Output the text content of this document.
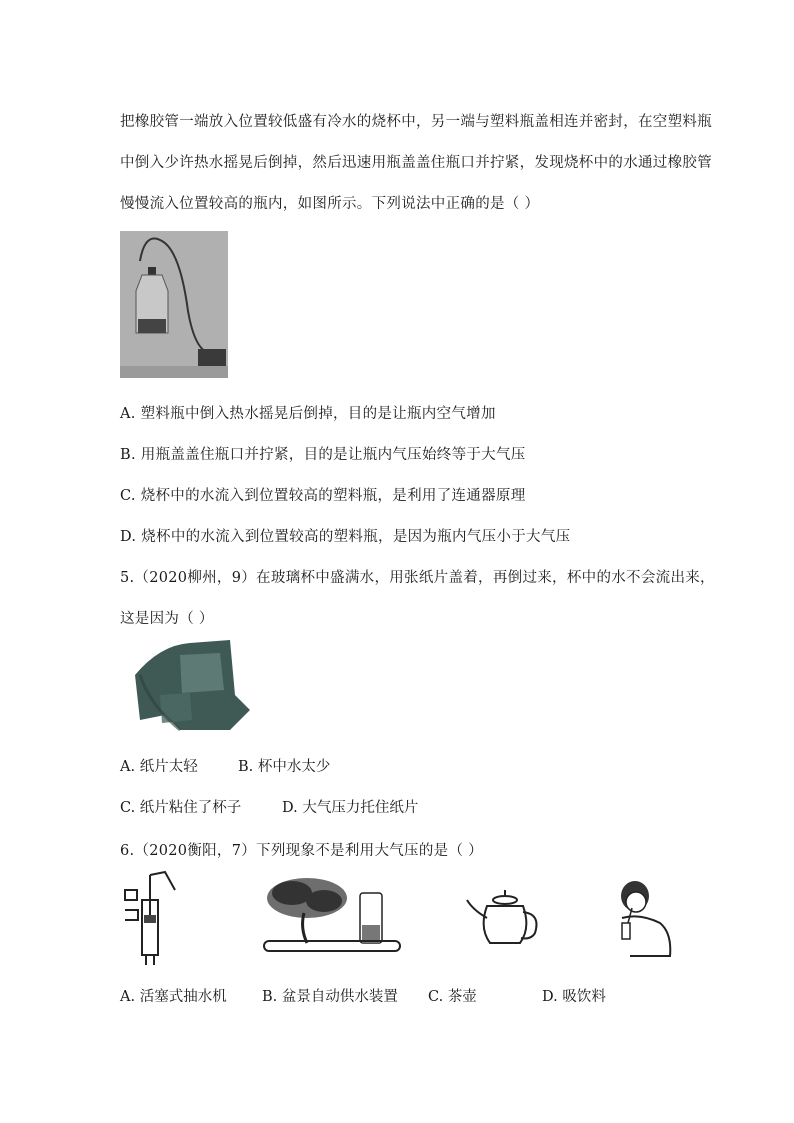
把橡胶管一端放入位置较低盛有冷水的烧杯中，另一端与塑料瓶盖相连并密封，在空塑料瓶
中倒入少许热水摇晃后倒掉，然后迅速用瓶盖盖住瓶口并拧紧，发现烧杯中的水通过橡胶管
慢慢流入位置较高的瓶内，如图所示。下列说法中正确的是（ ）
A. 塑料瓶中倒入热水摇晃后倒掉，目的是让瓶内空气增加
B. 用瓶盖盖住瓶口并拧紧，目的是让瓶内气压始终等于大气压
C. 烧杯中的水流入到位置较高的塑料瓶，是利用了连通器原理
D. 烧杯中的水流入到位置较高的塑料瓶，是因为瓶内气压小于大气压
5.（2020柳州，9）在玻璃杯中盛满水，用张纸片盖着，再倒过来，杯中的水不会流出来，
这是因为（ ）
A. 纸片太轻	B. 杯中水太少
C. 纸片粘住了杯子	D. 大气压力托住纸片
6.（2020衡阳，7）下列现象不是利用大气压的是（ ）
A. 活塞式抽水机 B. 盆景自动供水装置 C. 茶壶	D. 吸饮料
